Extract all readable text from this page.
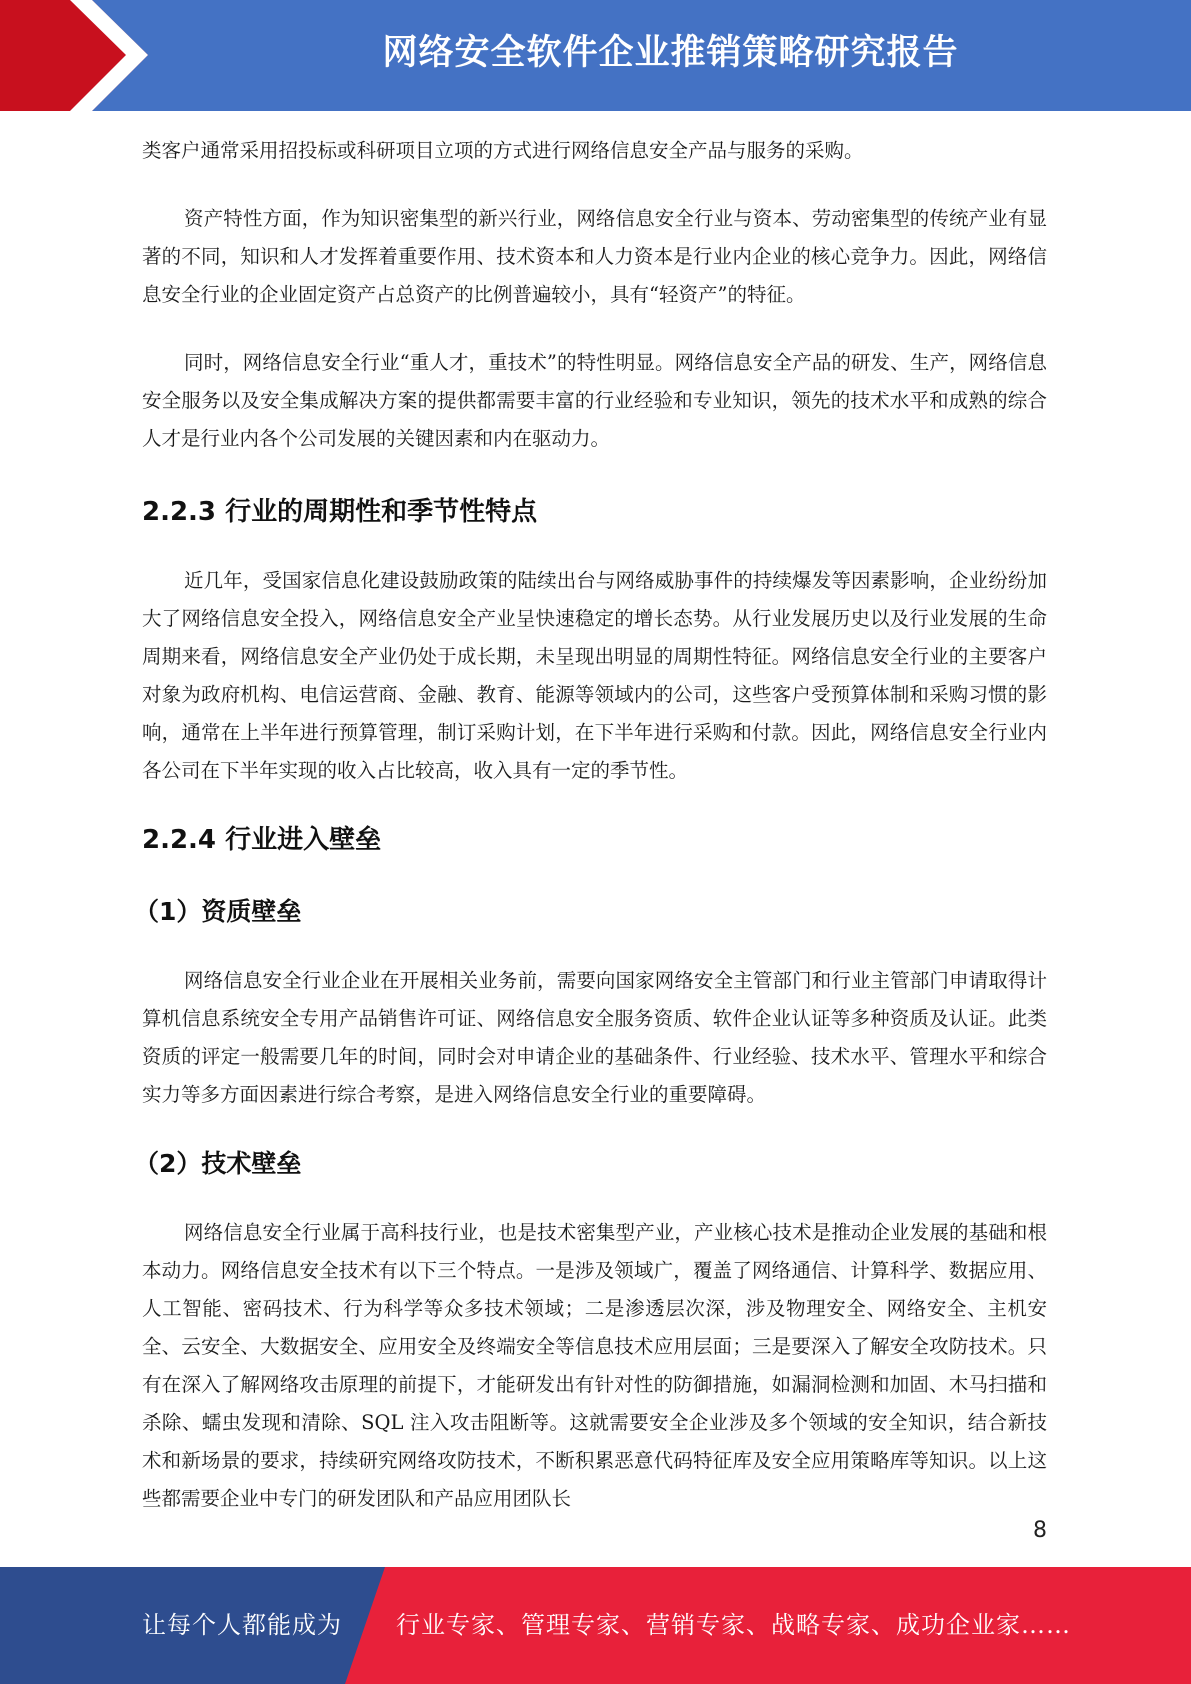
网络安全软件企业推销策略研究报告

类客户通常采用招投标或科研项目立项的方式进行网络信息安全产品与服务的采购。

资产特性方面，作为知识密集型的新兴行业，网络信息安全行业与资本、劳动密集型的传统产业有显著的不同，知识和人才发挥着重要作用、技术资本和人力资本是行业内企业的核心竞争力。因此，网络信息安全行业的企业固定资产占总资产的比例普遍较小，具有“轻资产”的特征。

同时，网络信息安全行业“重人才，重技术”的特性明显。网络信息安全产品的研发、生产，网络信息安全服务以及安全集成解决方案的提供都需要丰富的行业经验和专业知识，领先的技术水平和成熟的综合人才是行业内各个公司发展的关键因素和内在驱动力。

2.2.3 行业的周期性和季节性特点

近几年，受国家信息化建设鼓励政策的陆续出台与网络威胁事件的持续爆发等因素影响，企业纷纷加大了网络信息安全投入，网络信息安全产业呈快速稳定的增长态势。从行业发展历史以及行业发展的生命周期来看，网络信息安全产业仍处于成长期，未呈现出明显的周期性特征。网络信息安全行业的主要客户对象为政府机构、电信运营商、金融、教育、能源等领域内的公司，这些客户受预算体制和采购习惯的影响，通常在上半年进行预算管理，制订采购计划，在下半年进行采购和付款。因此，网络信息安全行业内各公司在下半年实现的收入占比较高，收入具有一定的季节性。

2.2.4 行业进入壁垒
（1）资质壁垒

网络信息安全行业企业在开展相关业务前，需要向国家网络安全主管部门和行业主管部门申请取得计算机信息系统安全专用产品销售许可证、网络信息安全服务资质、软件企业认证等多种资质及认证。此类资质的评定一般需要几年的时间，同时会对申请企业的基础条件、行业经验、技术水平、管理水平和综合实力等多方面因素进行综合考察，是进入网络信息安全行业的重要障碍。

（2）技术壁垒

网络信息安全行业属于高科技行业，也是技术密集型产业，产业核心技术是推动企业发展的基础和根本动力。网络信息安全技术有以下三个特点。一是涉及领域广，覆盖了网络通信、计算科学、数据应用、人工智能、密码技术、行为科学等众多技术领域；二是渗透层次深，涉及物理安全、网络安全、主机安全、云安全、大数据安全、应用安全及终端安全等信息技术应用层面；三是要深入了解安全攻防技术。只有在深入了解网络攻击原理的前提下，才能研发出有针对性的防御措施，如漏洞检测和加固、木马扫描和杀除、蠕虫发现和清除、SQL 注入攻击阻断等。这就需要安全企业涉及多个领域的安全知识，结合新技术和新场景的要求，持续研究网络攻防技术，不断积累恶意代码特征库及安全应用策略库等知识。以上这些都需要企业中专门的研发团队和产品应用团队长

8
让每个人都能成为 行业专家、管理专家、营销专家、战略专家、成功企业家……
